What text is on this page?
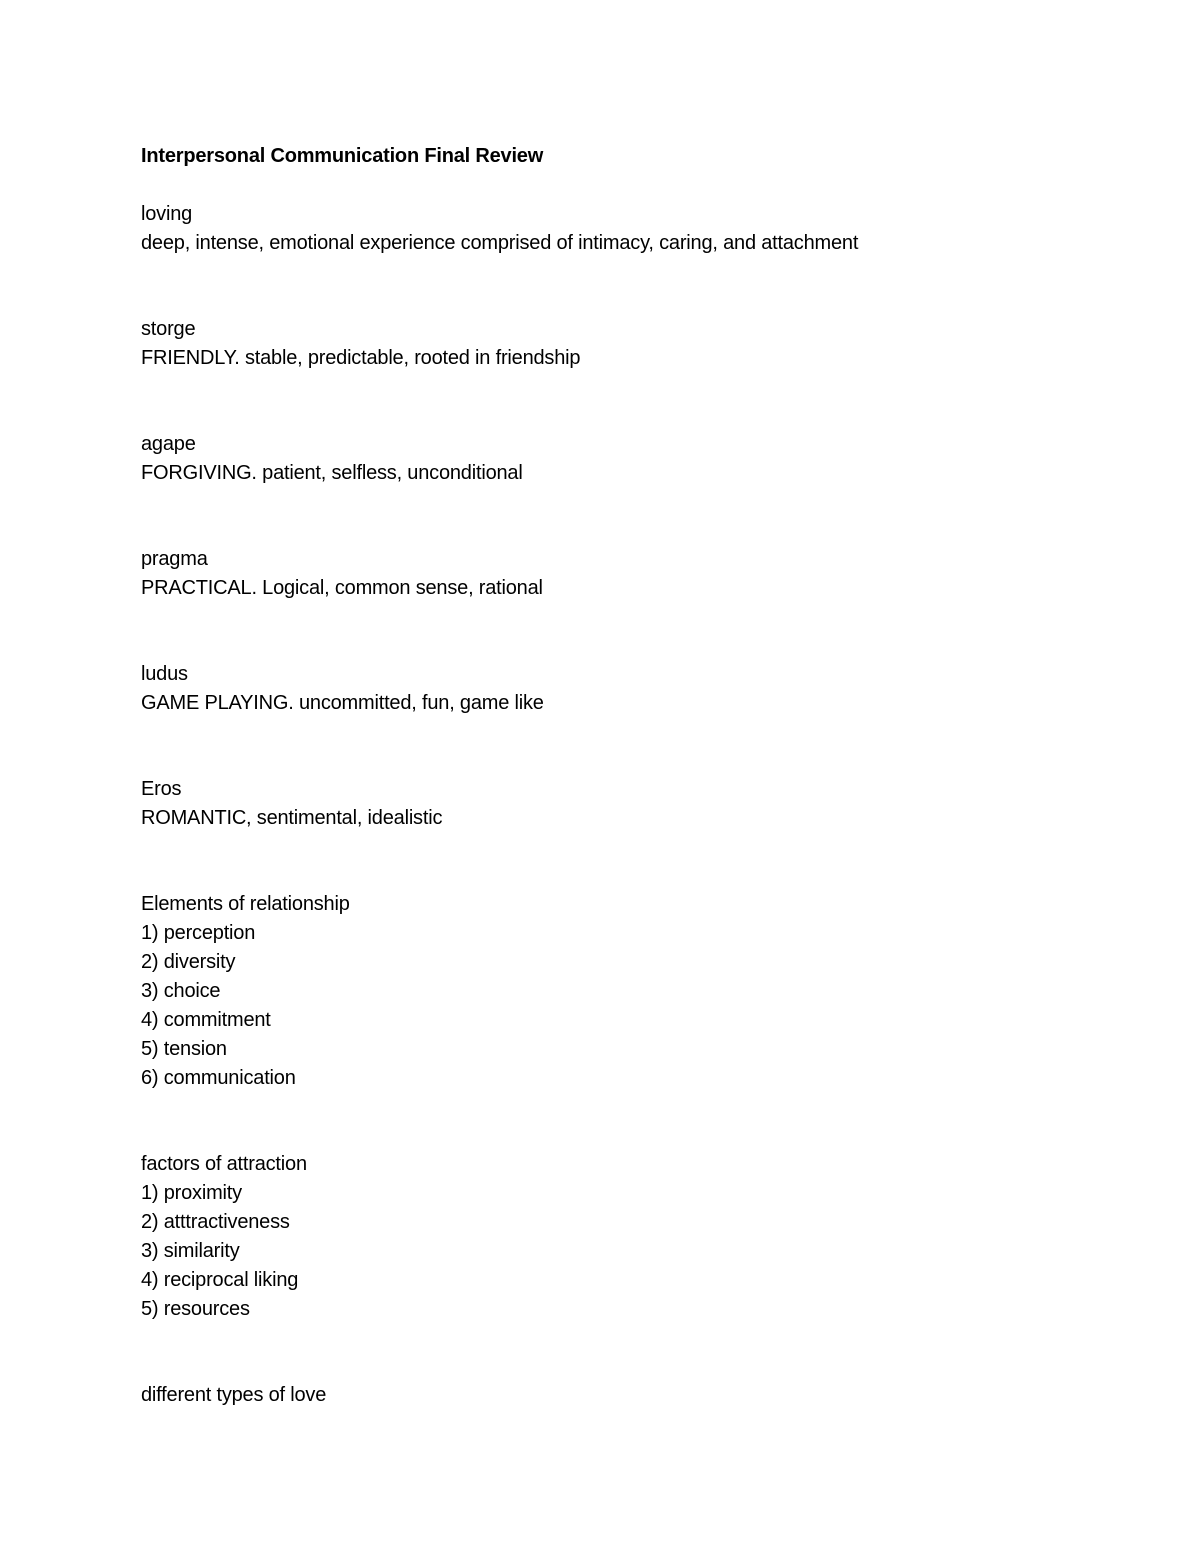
Interpersonal Communication Final Review
loving
deep, intense, emotional experience comprised of intimacy, caring, and attachment
storge
FRIENDLY. stable, predictable, rooted in friendship
agape
FORGIVING. patient, selfless, unconditional
pragma
PRACTICAL. Logical, common sense, rational
ludus
GAME PLAYING. uncommitted, fun, game like
Eros
ROMANTIC, sentimental, idealistic
Elements of relationship
1) perception
2) diversity
3) choice
4) commitment
5) tension
6) communication
factors of attraction
1) proximity
2) atttractiveness
3) similarity
4) reciprocal liking
5) resources
different types of love
